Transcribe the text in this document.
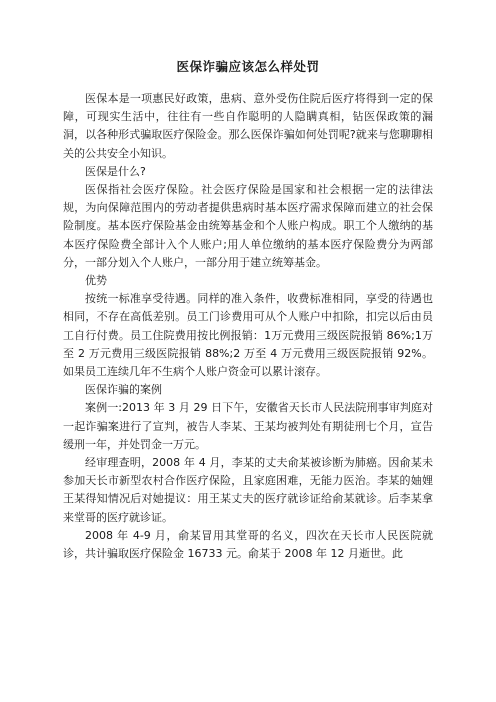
医保诈骗应该怎么样处罚

医保本是一项惠民好政策，患病、意外受伤住院后医疗将得到一定的保障，可现实生活中，往往有一些自作聪明的人隐瞒真相，钻医保政策的漏洞，以各种形式骗取医疗保险金。那么医保诈骗如何处罚呢?就来与您聊聊相关的公共安全小知识。

医保是什么?

医保指社会医疗保险。社会医疗保险是国家和社会根据一定的法律法规，为向保障范围内的劳动者提供患病时基本医疗需求保障而建立的社会保险制度。基本医疗保险基金由统筹基金和个人账户构成。职工个人缴纳的基本医疗保险费全部计入个人账户;用人单位缴纳的基本医疗保险费分为两部分，一部分划入个人账户，一部分用于建立统筹基金。

优势

按统一标准享受待遇。同样的准入条件，收费标准相同，享受的待遇也相同，不存在高低差别。员工门诊费用可从个人账户中扣除，扣完以后由员工自行付费。员工住院费用按比例报销：1万元费用三级医院报销 86%;1万至 2 万元费用三级医院报销 88%;2 万至 4 万元费用三级医院报销 92%。如果员工连续几年不生病个人账户资金可以累计滚存。

医保诈骗的案例

案例一:2013 年 3 月 29 日下午，安徽省天长市人民法院刑事审判庭对一起诈骗案进行了宣判，被告人李某、王某均被判处有期徒刑七个月，宣告缓刑一年，并处罚金一万元。

经审理查明，2008 年 4 月，李某的丈夫俞某被诊断为肺癌。因俞某未参加天长市新型农村合作医疗保险，且家庭困难，无能力医治。李某的妯娌王某得知情况后对她提议：用王某丈夫的医疗就诊证给俞某就诊。后李某拿来堂哥的医疗就诊证。

2008 年 4-9 月，俞某冒用其堂哥的名义，四次在天长市人民医院就诊，共计骗取医疗保险金 16733 元。俞某于 2008 年 12 月逝世。此
